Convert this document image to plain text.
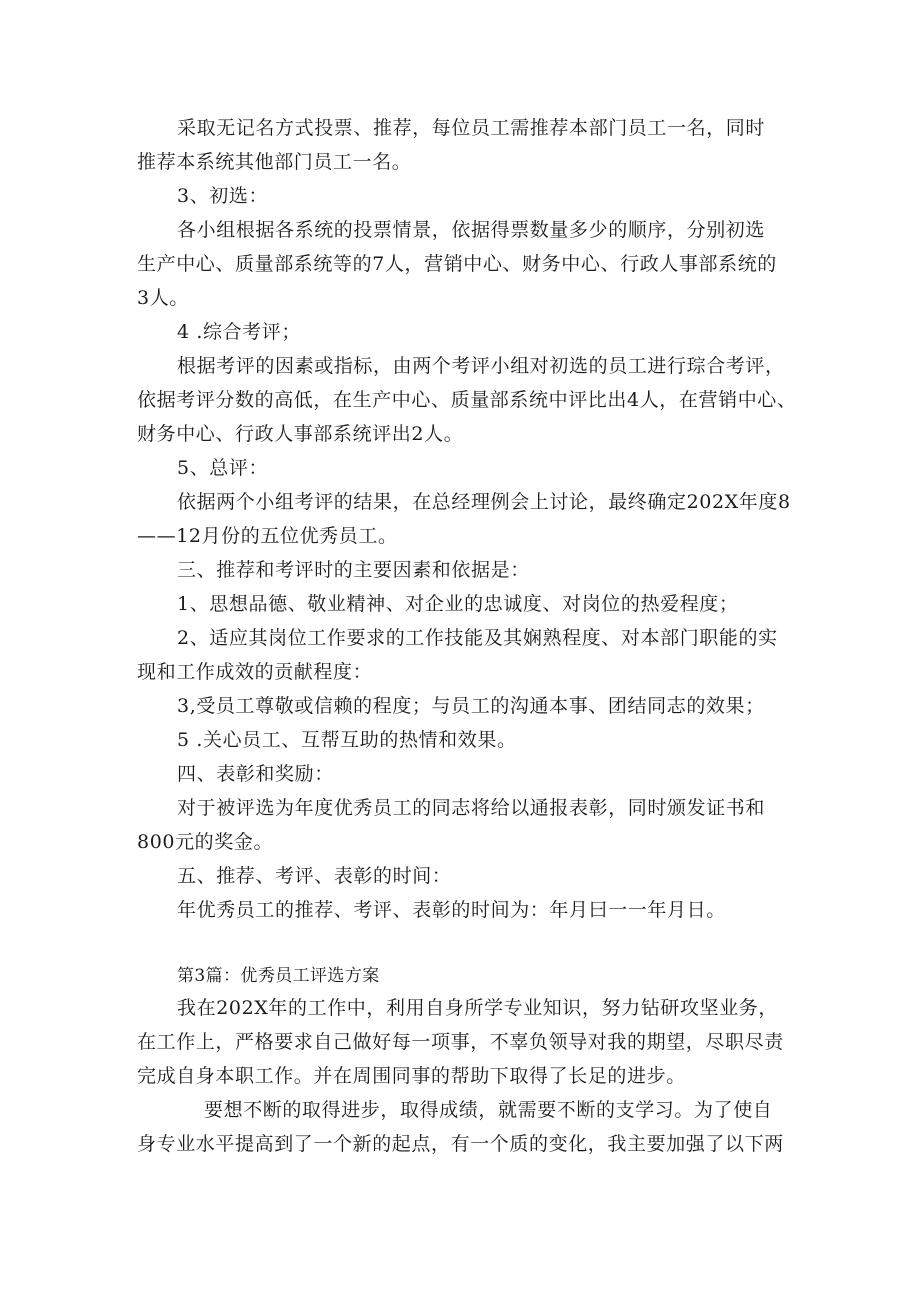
采取无记名方式投票、推荐，每位员工需推荐本部门员工一名，同时
推荐本系统其他部门员工一名。
3、初选：
各小组根据各系统的投票情景，依据得票数量多少的顺序，分别初选
生产中心、质量部系统等的7人，营销中心、财务中心、行政人事部系统的
3人。
4 .综合考评；
根据考评的因素或指标，由两个考评小组对初选的员工进行琮合考评，
依据考评分数的高低，在生产中心、质量部系统中评比出4人，在营销中心、
财务中心、行政人事部系统评出2人。
5、总评：
依据两个小组考评的结果，在总经理例会上讨论，最终确定202X年度8
——12月份的五位优秀员工。
三、推荐和考评时的主要因素和依据是：
1、思想品德、敬业精神、对企业的忠诚度、对岗位的热爱程度；
2、适应其岗位工作要求的工作技能及其娴熟程度、对本部门职能的实
现和工作成效的贡献程度：
3,受员工尊敬或信赖的程度；与员工的沟通本事、团结同志的效果；
5 .关心员工、互帮互助的热情和效果。
四、表彰和奖励：
对于被评选为年度优秀员工的同志将给以通报表彰，同时颁发证书和
800元的奖金。
五、推荐、考评、表彰的时间：
年优秀员工的推荐、考评、表彰的时间为：年月曰一一年月日。
第3篇：优秀员工评选方案
我在202X年的工作中，利用自身所学专业知识，努力钻研攻坚业务，
在工作上，严格要求自己做好每一项事，不辜负领导对我的期望，尽职尽责
完成自身本职工作。并在周围同事的帮助下取得了长足的进步。
要想不断的取得进步，取得成绩，就需要不断的支学习。为了使自
身专业水平提高到了一个新的起点，有一个质的变化，我主要加强了以下两
